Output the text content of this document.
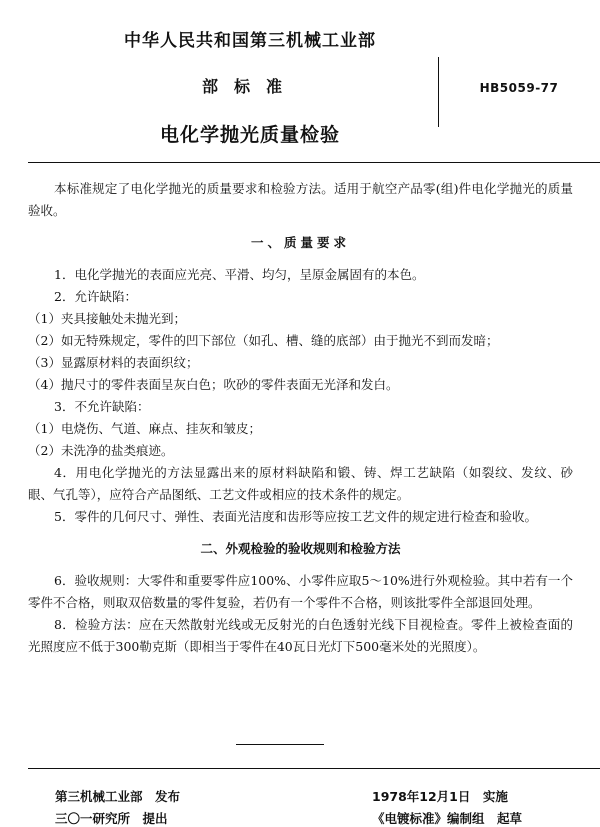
中华人民共和国第三机械工业部
部标准	HB5059-77
电化学抛光质量检验

本标准规定了电化学抛光的质量要求和检验方法。适用于航空产品零(组)件电化学抛光的质量验收。

一、质量要求

1．电化学抛光的表面应光亮、平滑、均匀，呈原金属固有的本色。

2．允许缺陷：

（1）夹具接触处未抛光到；

（2）如无特殊规定，零件的凹下部位（如孔、槽、缝的底部）由于抛光不到而发暗；

（3）显露原材料的表面织纹；

（4）抛尺寸的零件表面呈灰白色；吹砂的零件表面无光泽和发白。

3．不允许缺陷：

（1）电烧伤、气道、麻点、挂灰和皱皮；

（2）未洗净的盐类痕迹。

4．用电化学抛光的方法显露出来的原材料缺陷和锻、铸、焊工艺缺陷（如裂纹、发纹、砂眼、气孔等），应符合产品图纸、工艺文件或相应的技术条件的规定。

5．零件的几何尺寸、弹性、表面光洁度和齿形等应按工艺文件的规定进行检查和验收。

二、外观检验的验收规则和检验方法

6．验收规则：大零件和重要零件应100%、小零件应取5～10%进行外观检验。其中若有一个零件不合格，则取双倍数量的零件复验，若仍有一个零件不合格，则该批零件全部退回处理。

8．检验方法：应在天然散射光线或无反射光的白色透射光线下目视检查。零件上被检查面的光照度应不低于300勒克斯（即相当于零件在40瓦日光灯下500毫米处的光照度）。

第三机械工业部　发布
三〇一研究所　提出
1978年12月1日　实施
《电镀标准》编制组　起草
